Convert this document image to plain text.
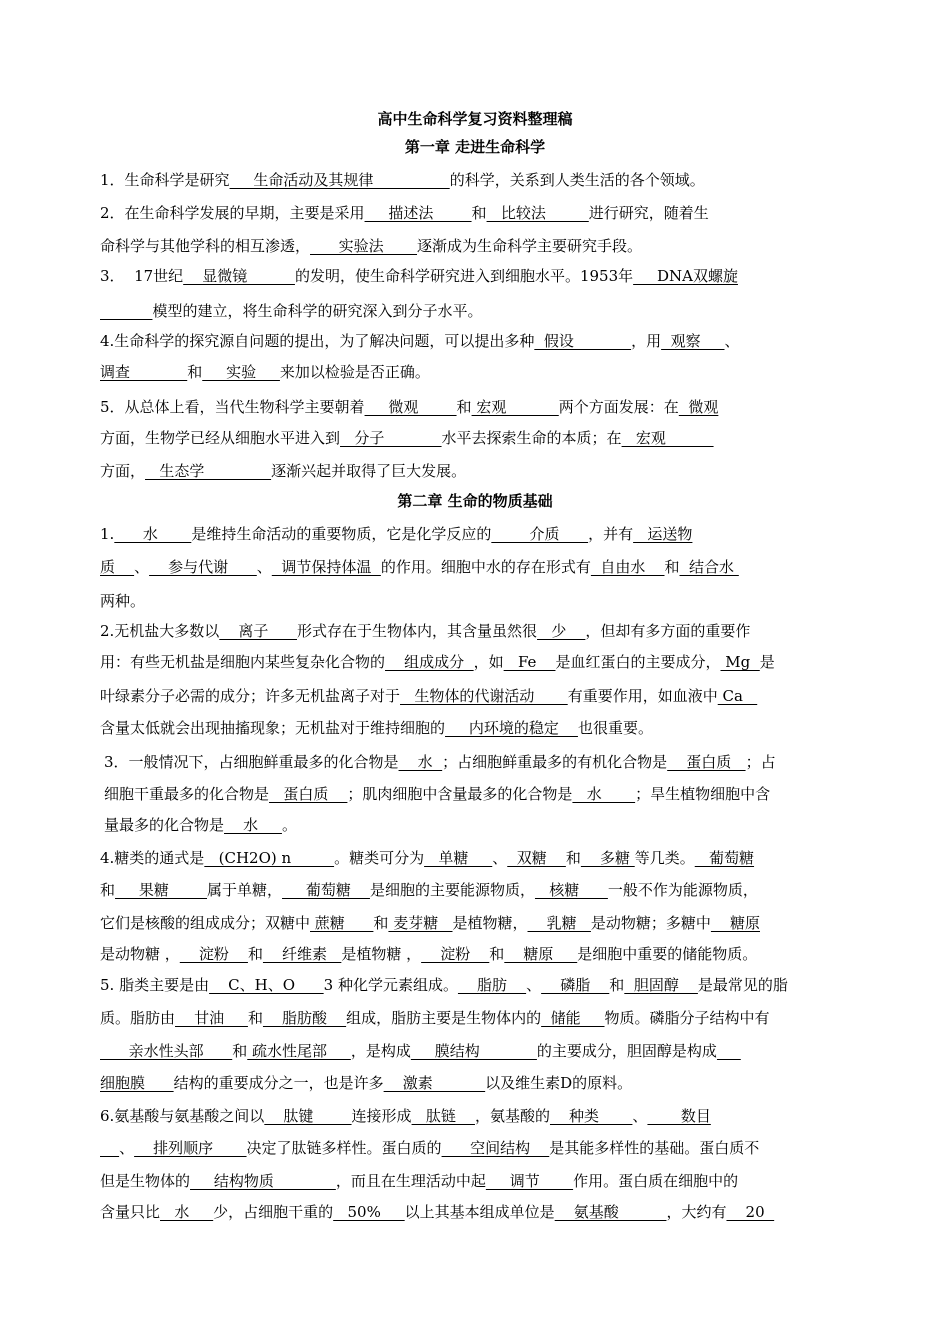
高中生命科学复习资料整理稿
第一章 走进生命科学
第二章 生命的物质基础
1．生命科学是研究     生命活动及其规律                的科学，关系到人类生活的各个领域。
2．在生命科学发展的早期，主要是采用     描述法        和   比较法         进行研究，随着生
命科学与其他学科的相互渗透，      实验法       逐渐成为生命科学主要研究手段。
3．  17世纪    显微镜          的发明，使生命科学研究进入到细胞水平。1953年     DNA双螺旋
模型的建立，将生命科学的研究深入到分子水平。
4.生命科学的探究源自问题的提出，为了解决问题，可以提出多种  假设            ，用  观察     、
调查            和     实验     来加以检验是否正确。
5．从总体上看，当代生物科学主要朝着     微观        和 宏观           两个方面发展：在  微观
方面，生物学已经从细胞水平进入到   分子            水平去探索生命的本质；在   宏观
方面，   生态学              逐渐兴起并取得了巨大发展。
1.      水       是维持生命活动的重要物质，它是化学反应的        介质      ，并有   运送物
质    、    参与代谢      、  调节保持体温  的作用。细胞中水的存在形式有  自由水    和  结合水
两种。
2.无机盐大多数以    离子      形式存在于生物体内，其含量虽然很   少    ，但却有多方面的重要作
用：有些无机盐是细胞内某些复杂化合物的    组成成分  ，如   Fe    是血红蛋白的主要成分， Mg  是
叶绿素分子必需的成分；许多无机盐离子对于   生物体的代谢活动       有重要作用，如血液中 Ca
含量太低就会出现抽搐现象；无机盐对于维持细胞的     内环境的稳定    也很重要。
3．一般情况下，占细胞鲜重最多的化合物是    水  ；占细胞鲜重最多的有机化合物是    蛋白质   ；占
细胞干重最多的化合物是   蛋白质    ；肌肉细胞中含量最多的化合物是   水       ；旱生植物细胞中含
量最多的化合物是    水     。
4.糖类的通式是   (CH2O) n         。糖类可分为   单糖     、  双糖    和    多糖 等几类。   葡萄糖
和     果糖        属于单糖，     葡萄糖    是细胞的主要能源物质，   核糖      一般不作为能源物质，
它们是核酸的组成成分；双糖中 蔗糖      和 麦芽糖   是植物糖，    乳糖   是动物糖；多糖中    糖原
是动物糖 ，    淀粉    和    纤维素   是植物糖 ，    淀粉    和    糖原     是细胞中重要的储能物质。
5. 脂类主要是由    C、H、O      3 种化学元素组成。    脂肪    、    磷脂    和  胆固醇    是最常见的脂
质。脂肪由    甘油     和    脂肪酸    组成，脂肪主要是生物体内的  储能     物质。磷脂分子结构中有
亲水性头部      和 疏水性尾部     ，是构成     膜结构            的主要成分，胆固醇是构成
细胞膜      结构的重要成分之一，也是许多    激素           以及维生素D的原料。
6.氨基酸与氨基酸之间以    肽键        连接形成   肽链    ，氨基酸的    种类       、       数目
、    排列顺序       决定了肽链多样性。蛋白质的      空间结构    是其能多样性的基础。蛋白质不
但是生物体的     结构物质             ，而且在生理活动中起     调节       作用。蛋白质在细胞中的
含量只比   水     少，占细胞干重的   50%     以上其基本组成单位是    氨基酸          ，大约有    20
